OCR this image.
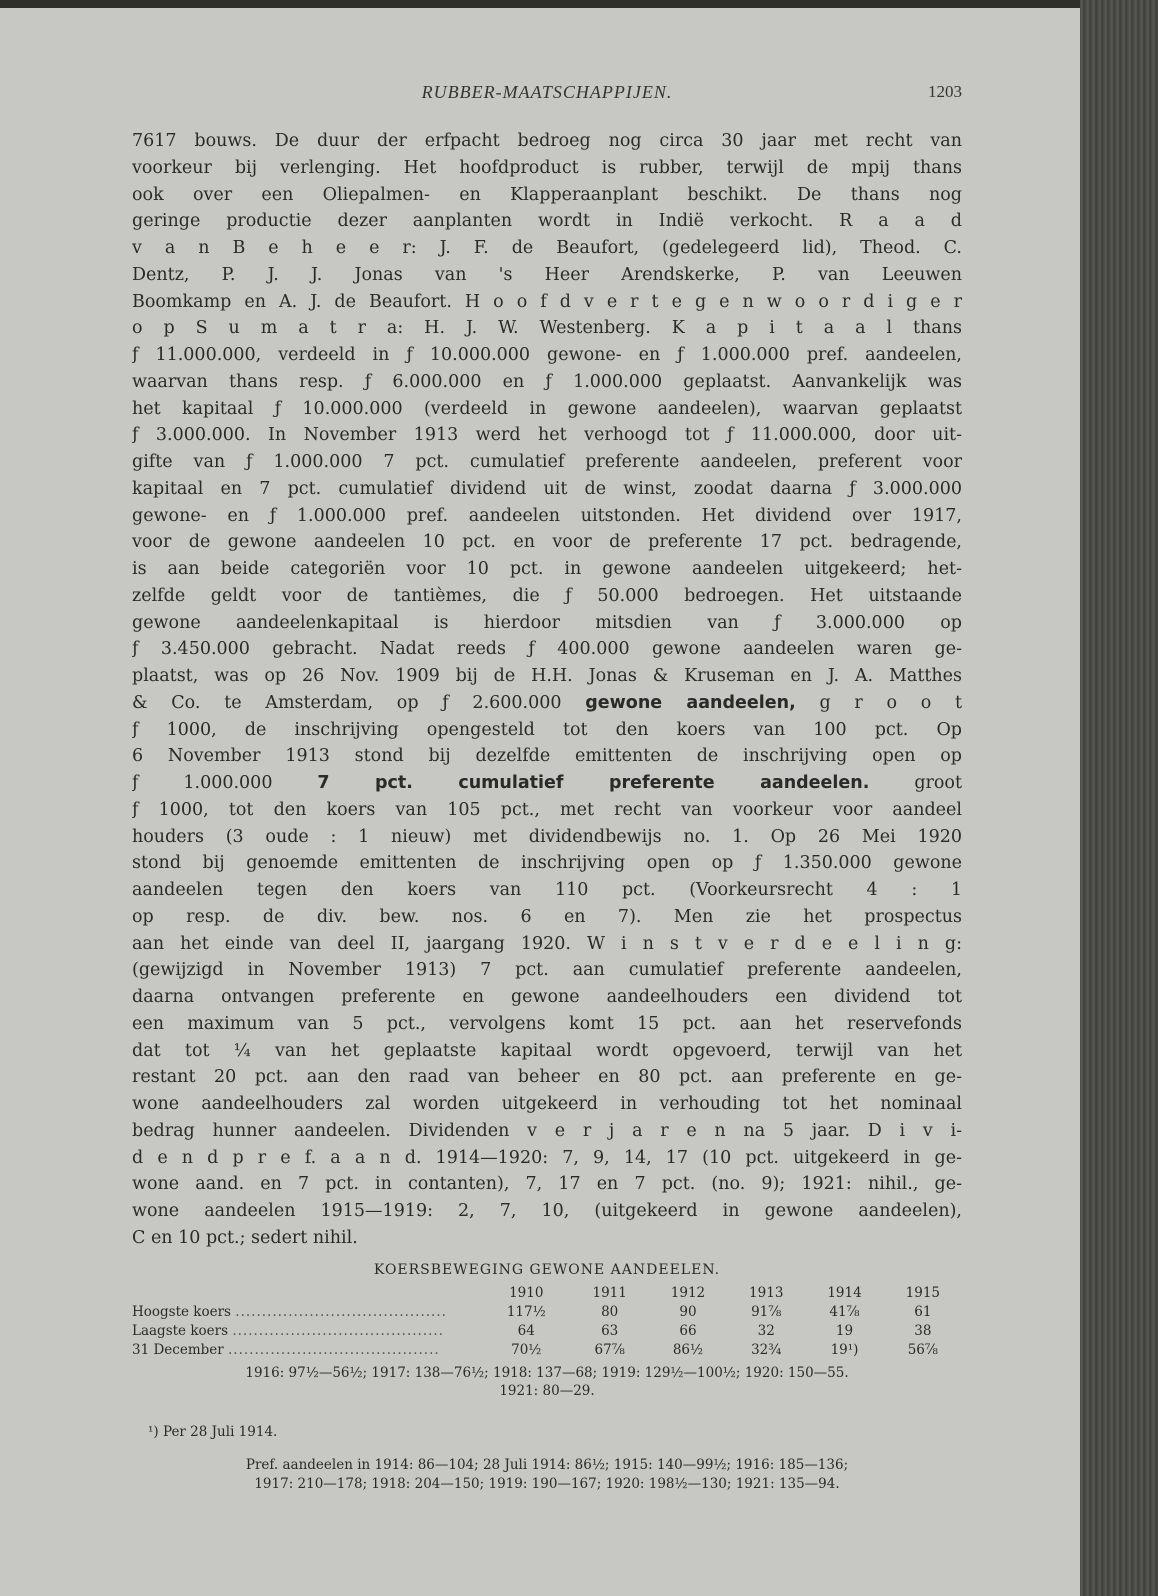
RUBBER-MAATSCHAPPIJEN.	1203
7617 bouws. De duur der erfpacht bedroeg nog circa 30 jaar met recht van
voorkeur bij verlenging. Het hoofdproduct is rubber, terwijl de mpij thans
ook over een Oliepalmen- en Klapperaanplant beschikt. De thans nog
geringe productie dezer aanplanten wordt in Indië verkocht. R a a d
v a n B e h e e r: J. F. de Beaufort, (gedelegeerd lid), Theod. C.
Dentz, P. J. J. Jonas van 's Heer Arendskerke, P. van Leeuwen
Boomkamp en A. J. de Beaufort. H o o f d v e r t e g e n w o o r d i g e r
o p S u m a t r a: H. J. W. Westenberg. K a p i t a a l thans
ƒ 11.000.000, verdeeld in ƒ 10.000.000 gewone- en ƒ 1.000.000 pref. aandeelen,
waarvan thans resp. ƒ 6.000.000 en ƒ 1.000.000 geplaatst. Aanvankelijk was
het kapitaal ƒ 10.000.000 (verdeeld in gewone aandeelen), waarvan geplaatst
ƒ 3.000.000. In November 1913 werd het verhoogd tot ƒ 11.000.000, door uit-
gifte van ƒ 1.000.000 7 pct. cumulatief preferente aandeelen, preferent voor
kapitaal en 7 pct. cumulatief dividend uit de winst, zoodat daarna ƒ 3.000.000
gewone- en ƒ 1.000.000 pref. aandeelen uitstonden. Het dividend over 1917,
voor de gewone aandeelen 10 pct. en voor de preferente 17 pct. bedragende,
is aan beide categoriën voor 10 pct. in gewone aandeelen uitgekeerd; het-
zelfde geldt voor de tantièmes, die ƒ 50.000 bedroegen. Het uitstaande
gewone aandeelenkapitaal is hierdoor mitsdien van ƒ 3.000.000 op
ƒ 3.450.000 gebracht. Nadat reeds ƒ 400.000 gewone aandeelen waren ge-
plaatst, was op 26 Nov. 1909 bij de H.H. Jonas & Kruseman en J. A. Matthes
& Co. te Amsterdam, op ƒ 2.600.000 gewone aandeelen, g r o o t
ƒ 1000, de inschrijving opengesteld tot den koers van 100 pct. Op
6 November 1913 stond bij dezelfde emittenten de inschrijving open op
ƒ 1.000.000 7 pct. cumulatief preferente aandeelen. groot
ƒ 1000, tot den koers van 105 pct., met recht van voorkeur voor aandeel
houders (3 oude : 1 nieuw) met dividendbewijs no. 1. Op 26 Mei 1920
stond bij genoemde emittenten de inschrijving open op ƒ 1.350.000 gewone
aandeelen tegen den koers van 110 pct. (Voorkeursrecht 4 : 1
op resp. de div. bew. nos. 6 en 7). Men zie het prospectus
aan het einde van deel II, jaargang 1920. W i n s t v e r d e e l i n g:
(gewijzigd in November 1913) 7 pct. aan cumulatief preferente aandeelen,
daarna ontvangen preferente en gewone aandeelhouders een dividend tot
een maximum van 5 pct., vervolgens komt 15 pct. aan het reservefonds
dat tot ¼ van het geplaatste kapitaal wordt opgevoerd, terwijl van het
restant 20 pct. aan den raad van beheer en 80 pct. aan preferente en ge-
wone aandeelhouders zal worden uitgekeerd in verhouding tot het nominaal
bedrag hunner aandeelen. Dividenden v e r j a r e n na 5 jaar. D i v i-
d e n d p r e f. a a n d. 1914—1920: 7, 9, 14, 17 (10 pct. uitgekeerd in ge-
wone aand. en 7 pct. in contanten), 7, 17 en 7 pct. (no. 9); 1921: nihil., ge-
wone aandeelen 1915—1919: 2, 7, 10, (uitgekeerd in gewone aandeelen),
C en 10 pct.; sedert nihil.
KOERSBEWEGING GEWONE AANDEELEN.
	1910	1911	1912	1913	1914	1915
Hoogste koers ........................................	117½	80	90	91⅞	41⅞	61
Laagste koers ........................................	64	63	66	32	19	38
31 December ........................................	70½	67⅞	86½	32¾	19¹)	56⅞
1916: 97½—56½; 1917: 138—76½; 1918: 137—68; 1919: 129½—100½; 1920: 150—55.
1921: 80—29.
¹) Per 28 Juli 1914.
Pref. aandeelen in 1914: 86—104; 28 Juli 1914: 86½; 1915: 140—99½; 1916: 185—136;
1917: 210—178; 1918: 204—150; 1919: 190—167; 1920: 198½—130; 1921: 135—94.
